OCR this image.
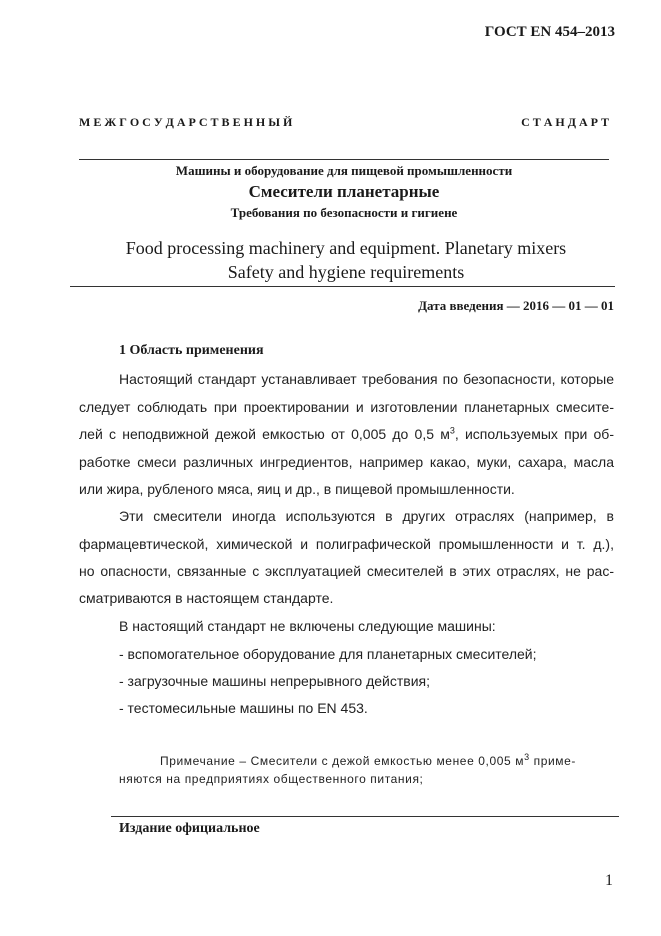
ГОСТ EN 454–2013
М Е Ж Г О С У Д А Р С Т В Е Н Н Ы Й	С Т А Н Д А Р Т
Машины и оборудование для пищевой промышленности
Смесители планетарные
Требования по безопасности и гигиене
Food processing machinery and equipment. Planetary mixers
Safety and hygiene requirements
Дата введения — 2016 — 01 — 01
1 Область применения
Настоящий стандарт устанавливает требования по безопасности, которые
следует соблюдать при проектировании и изготовлении планетарных смесите-
лей с неподвижной дежой емкостью от 0,005 до 0,5 $м^3$, используемых при об-
работке смеси различных ингредиентов, например какао, муки, сахара, масла
или жира, рубленого мяса, яиц и др., в пищевой промышленности.
Эти смесители иногда используются в других отраслях (например, в
фармацевтической, химической и полиграфической промышленности и т. д.),
но опасности, связанные с эксплуатацией смесителей в этих отраслях, не рас-
сматриваются в настоящем стандарте.
В настоящий стандарт не включены следующие машины:
- вспомогательное оборудование для планетарных смесителей;
- загрузочные машины непрерывного действия;
- тестомесильные машины по EN 453.
Примечание – Смесители с дежой емкостью менее 0,005 $м^3$ приме-
няются на предприятиях общественного питания;
Издание официальное
1
